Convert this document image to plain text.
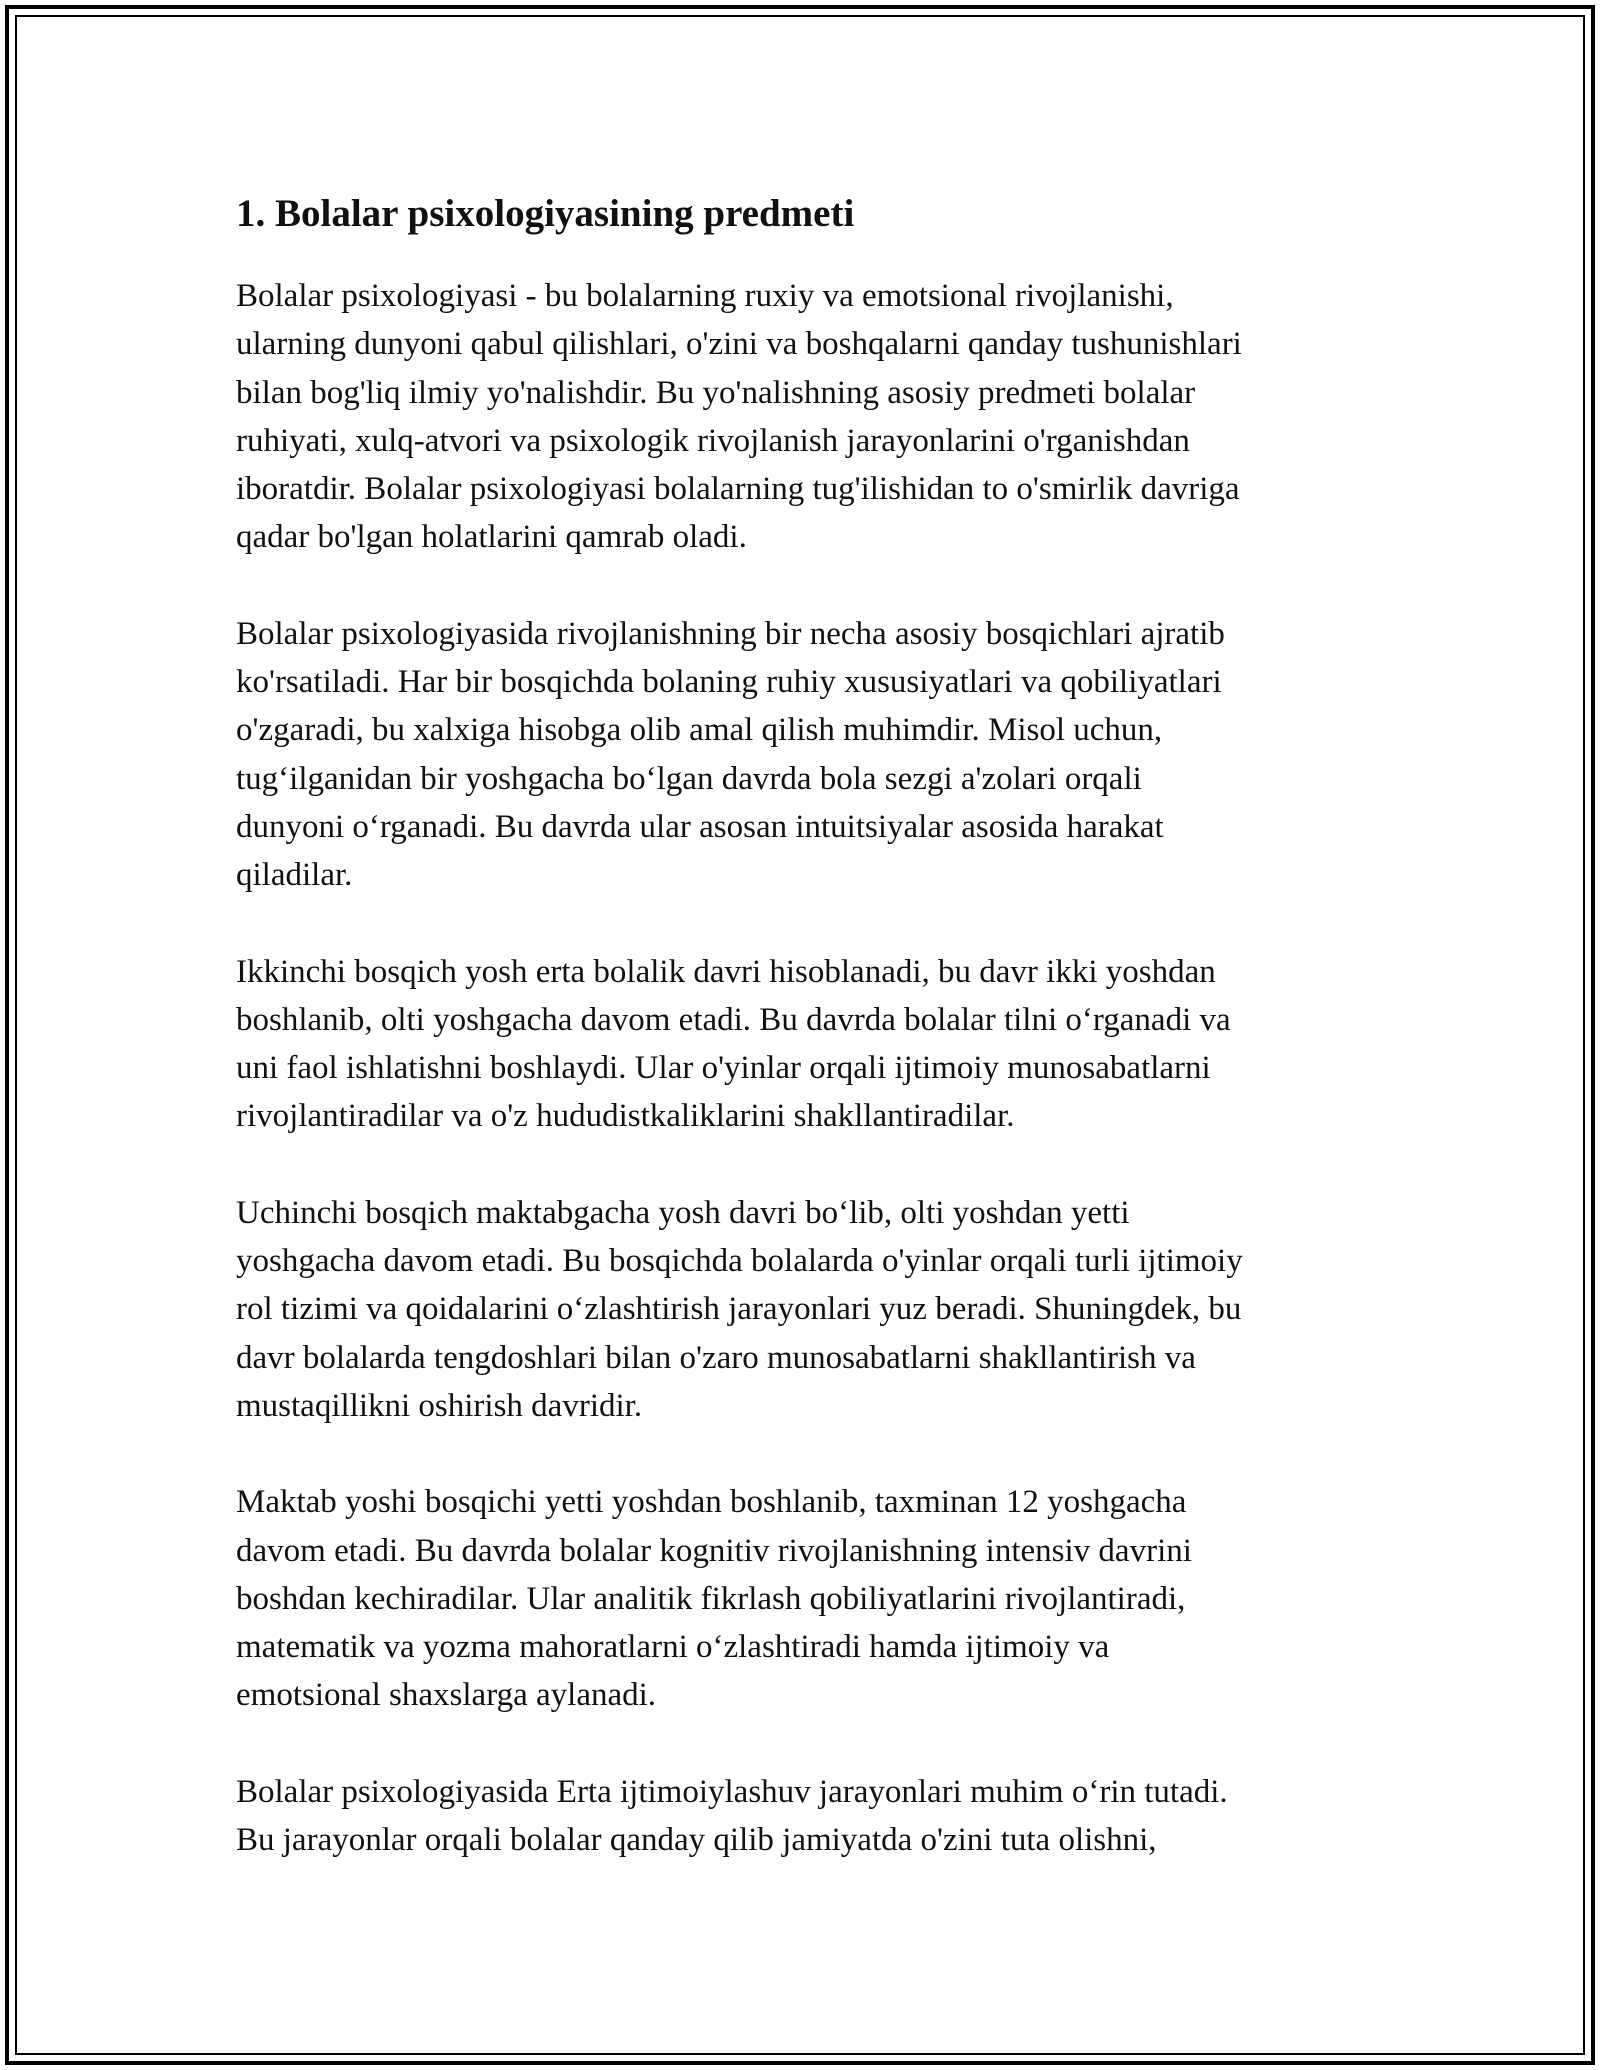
1. Bolalar psixologiyasining predmeti

Bolalar psixologiyasi - bu bolalarning ruxiy va emotsional rivojlanishi,
ularning dunyoni qabul qilishlari, o'zini va boshqalarni qanday tushunishlari
bilan bog'liq ilmiy yo'nalishdir. Bu yo'nalishning asosiy predmeti bolalar
ruhiyati, xulq-atvori va psixologik rivojlanish jarayonlarini o'rganishdan
iboratdir. Bolalar psixologiyasi bolalarning tug'ilishidan to o'smirlik davriga
qadar bo'lgan holatlarini qamrab oladi.

Bolalar psixologiyasida rivojlanishning bir necha asosiy bosqichlari ajratib
ko'rsatiladi. Har bir bosqichda bolaning ruhiy xususiyatlari va qobiliyatlari
o'zgaradi, bu xalxiga hisobga olib amal qilish muhimdir. Misol uchun,
tug‘ilganidan bir yoshgacha bo‘lgan davrda bola sezgi a'zolari orqali
dunyoni o‘rganadi. Bu davrda ular asosan intuitsiyalar asosida harakat
qiladilar.

Ikkinchi bosqich yosh erta bolalik davri hisoblanadi, bu davr ikki yoshdan
boshlanib, olti yoshgacha davom etadi. Bu davrda bolalar tilni o‘rganadi va
uni faol ishlatishni boshlaydi. Ular o'yinlar orqali ijtimoiy munosabatlarni
rivojlantiradilar va o'z hududistkaliklarini shakllantiradilar.

Uchinchi bosqich maktabgacha yosh davri bo‘lib, olti yoshdan yetti
yoshgacha davom etadi. Bu bosqichda bolalarda o'yinlar orqali turli ijtimoiy
rol tizimi va qoidalarini o‘zlashtirish jarayonlari yuz beradi. Shuningdek, bu
davr bolalarda tengdoshlari bilan o'zaro munosabatlarni shakllantirish va
mustaqillikni oshirish davridir.

Maktab yoshi bosqichi yetti yoshdan boshlanib, taxminan 12 yoshgacha
davom etadi. Bu davrda bolalar kognitiv rivojlanishning intensiv davrini
boshdan kechiradilar. Ular analitik fikrlash qobiliyatlarini rivojlantiradi,
matematik va yozma mahoratlarni o‘zlashtiradi hamda ijtimoiy va
emotsional shaxslarga aylanadi.

Bolalar psixologiyasida Erta ijtimoiylashuv jarayonlari muhim o‘rin tutadi.
Bu jarayonlar orqali bolalar qanday qilib jamiyatda o'zini tuta olishni,
